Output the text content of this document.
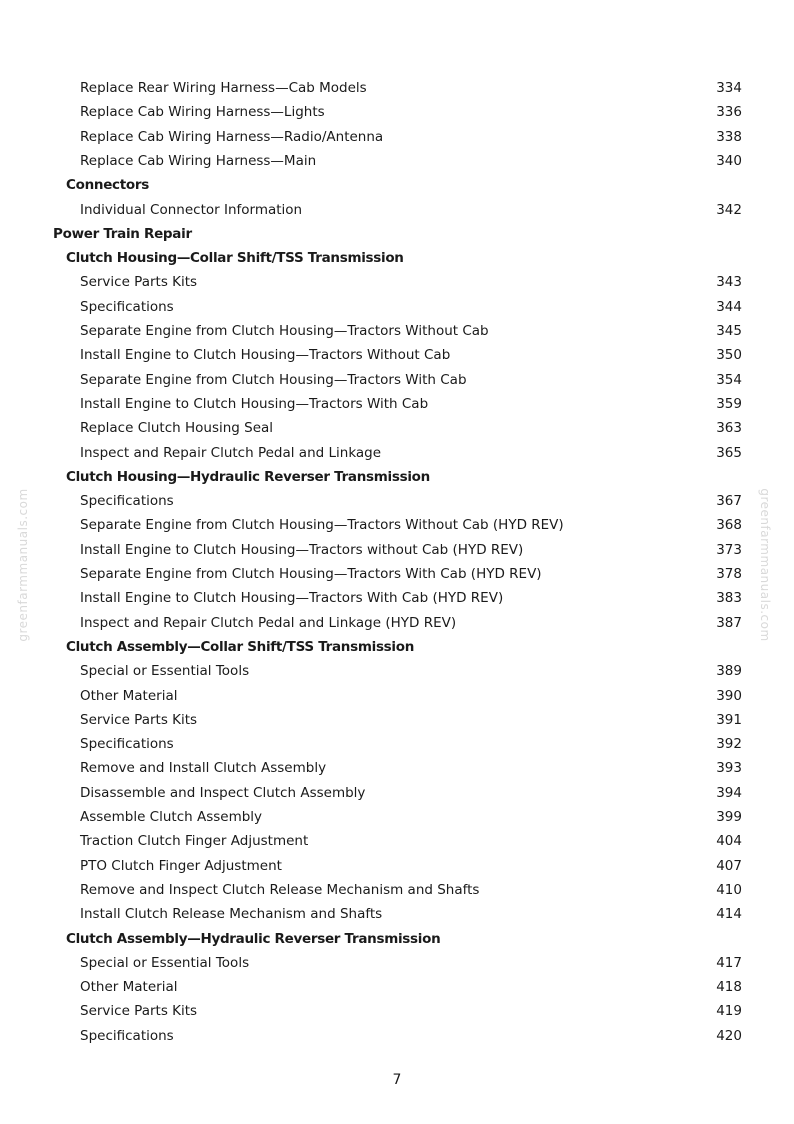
Replace Rear Wiring Harness—Cab Models	334
Replace Cab Wiring Harness—Lights	336
Replace Cab Wiring Harness—Radio/Antenna	338
Replace Cab Wiring Harness—Main	340
Connectors
Individual Connector Information	342
Power Train Repair
Clutch Housing—Collar Shift/TSS Transmission
Service Parts Kits	343
Specifications	344
Separate Engine from Clutch Housing—Tractors Without Cab	345
Install Engine to Clutch Housing—Tractors Without Cab	350
Separate Engine from Clutch Housing—Tractors With Cab	354
Install Engine to Clutch Housing—Tractors With Cab	359
Replace Clutch Housing Seal	363
Inspect and Repair Clutch Pedal and Linkage	365
Clutch Housing—Hydraulic Reverser Transmission
Specifications	367
Separate Engine from Clutch Housing—Tractors Without Cab (HYD REV)	368
Install Engine to Clutch Housing—Tractors without Cab (HYD REV)	373
Separate Engine from Clutch Housing—Tractors With Cab (HYD REV)	378
Install Engine to Clutch Housing—Tractors With Cab (HYD REV)	383
Inspect and Repair Clutch Pedal and Linkage (HYD REV)	387
Clutch Assembly—Collar Shift/TSS Transmission
Special or Essential Tools	389
Other Material	390
Service Parts Kits	391
Specifications	392
Remove and Install Clutch Assembly	393
Disassemble and Inspect Clutch Assembly	394
Assemble Clutch Assembly	399
Traction Clutch Finger Adjustment	404
PTO Clutch Finger Adjustment	407
Remove and Inspect Clutch Release Mechanism and Shafts	410
Install Clutch Release Mechanism and Shafts	414
Clutch Assembly—Hydraulic Reverser Transmission
Special or Essential Tools	417
Other Material	418
Service Parts Kits	419
Specifications	420
greenfarmmanuals.com	greenfarmmanuals.com
7
